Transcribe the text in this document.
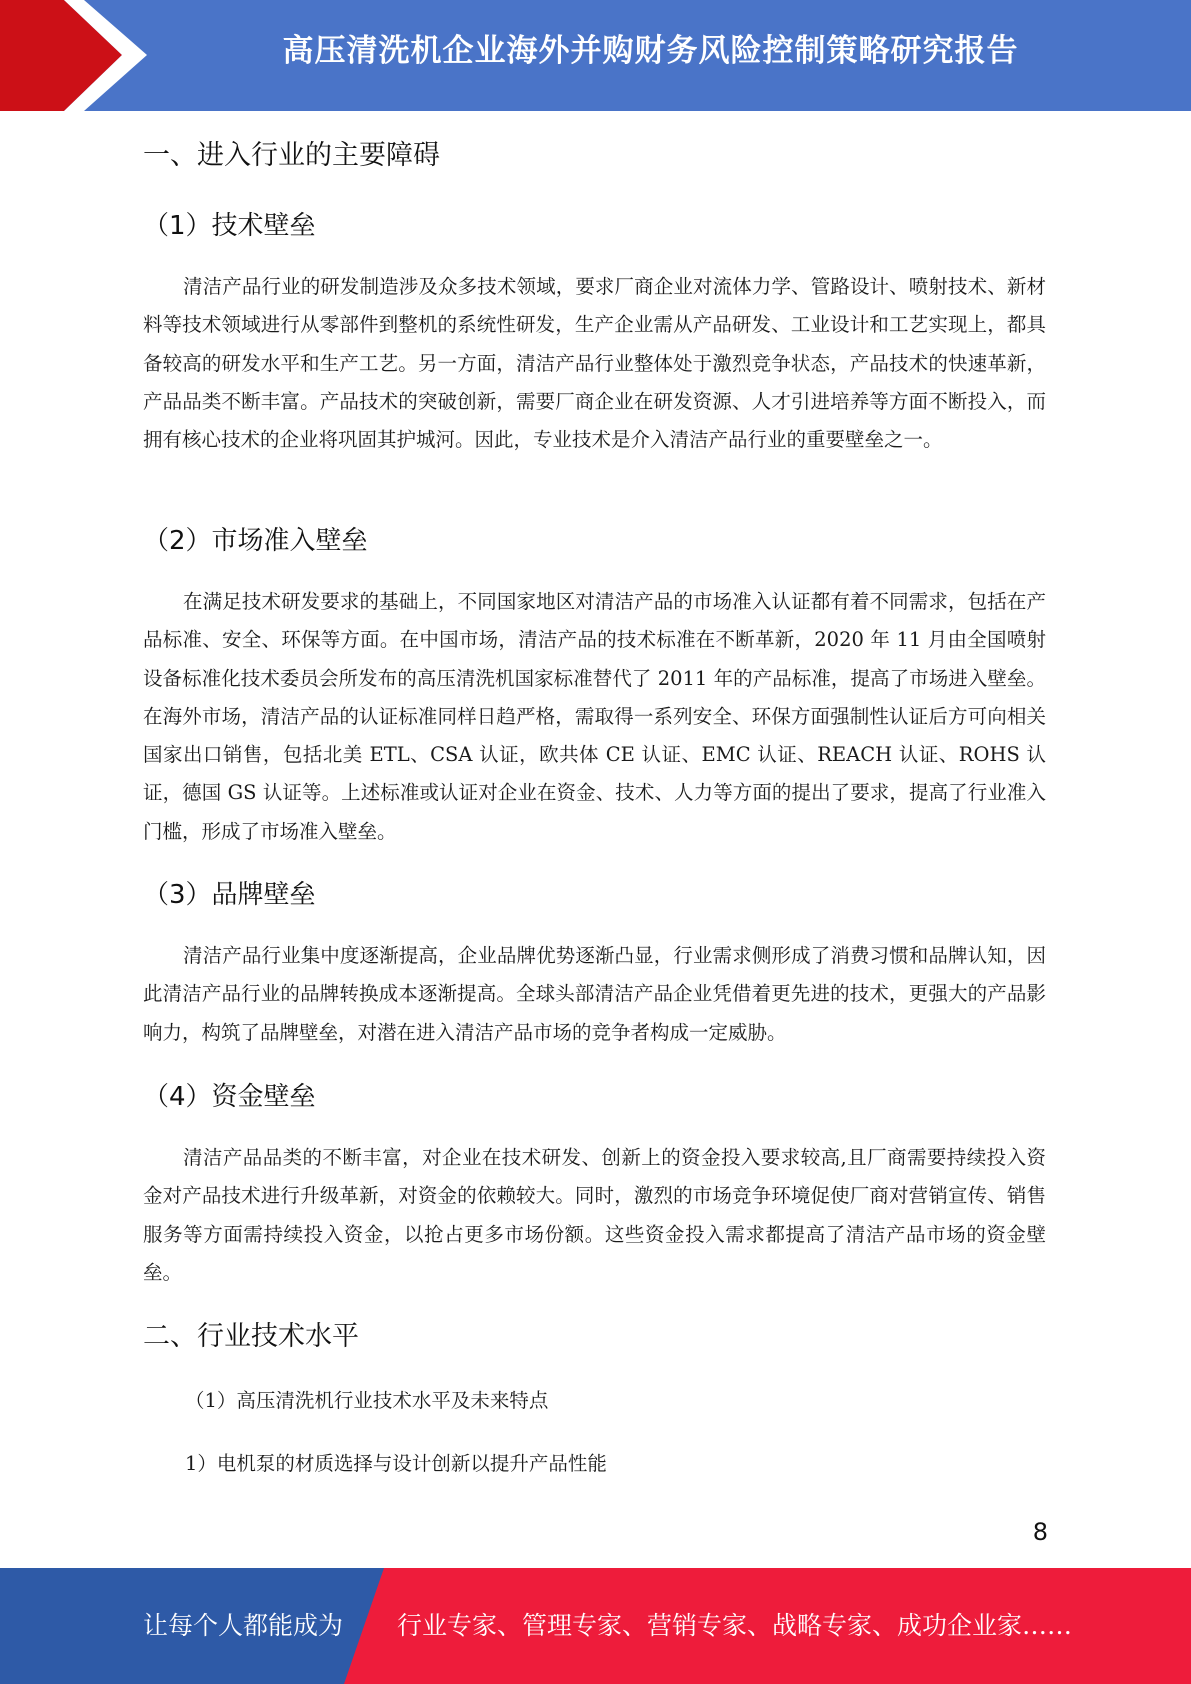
高压清洗机企业海外并购财务风险控制策略研究报告
一、进入行业的主要障碍
（1）技术壁垒

清洁产品行业的研发制造涉及众多技术领域，要求厂商企业对流体力学、管路设计、喷射技术、新材料等技术领域进行从零部件到整机的系统性研发，生产企业需从产品研发、工业设计和工艺实现上，都具备较高的研发水平和生产工艺。另一方面，清洁产品行业整体处于激烈竞争状态，产品技术的快速革新，产品品类不断丰富。产品技术的突破创新，需要厂商企业在研发资源、人才引进培养等方面不断投入，而拥有核心技术的企业将巩固其护城河。因此，专业技术是介入清洁产品行业的重要壁垒之一。

（2）市场准入壁垒

在满足技术研发要求的基础上，不同国家地区对清洁产品的市场准入认证都有着不同需求，包括在产品标准、安全、环保等方面。在中国市场，清洁产品的技术标准在不断革新，2020 年 11 月由全国喷射设备标准化技术委员会所发布的高压清洗机国家标准替代了 2011 年的产品标准，提高了市场进入壁垒。在海外市场，清洁产品的认证标准同样日趋严格，需取得一系列安全、环保方面强制性认证后方可向相关国家出口销售，包括北美 ETL、CSA 认证，欧共体 CE 认证、EMC 认证、REACH 认证、ROHS 认证，德国 GS 认证等。上述标准或认证对企业在资金、技术、人力等方面的提出了要求，提高了行业准入门槛，形成了市场准入壁垒。

（3）品牌壁垒

清洁产品行业集中度逐渐提高，企业品牌优势逐渐凸显，行业需求侧形成了消费习惯和品牌认知，因此清洁产品行业的品牌转换成本逐渐提高。全球头部清洁产品企业凭借着更先进的技术，更强大的产品影响力，构筑了品牌壁垒，对潜在进入清洁产品市场的竞争者构成一定威胁。

（4）资金壁垒

清洁产品品类的不断丰富，对企业在技术研发、创新上的资金投入要求较高,且厂商需要持续投入资金对产品技术进行升级革新，对资金的依赖较大。同时，激烈的市场竞争环境促使厂商对营销宣传、销售服务等方面需持续投入资金，以抢占更多市场份额。这些资金投入需求都提高了清洁产品市场的资金壁垒。

二、行业技术水平
（1）高压清洗机行业技术水平及未来特点
1）电机泵的材质选择与设计创新以提升产品性能
8
让每个人都能成为 行业专家、管理专家、营销专家、战略专家、成功企业家……
